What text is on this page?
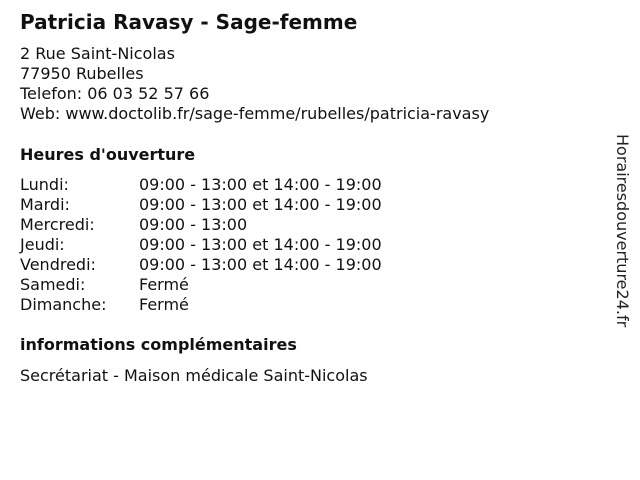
Patricia Ravasy - Sage-femme
2 Rue Saint-Nicolas
77950 Rubelles
Telefon: 06 03 52 57 66
Web: www.doctolib.fr/sage-femme/rubelles/patricia-ravasy
Heures d'ouverture
Lundi:	09:00 - 13:00 et 14:00 - 19:00
Mardi:	09:00 - 13:00 et 14:00 - 19:00
Mercredi:	09:00 - 13:00
Jeudi:	09:00 - 13:00 et 14:00 - 19:00
Vendredi:	09:00 - 13:00 et 14:00 - 19:00
Samedi:	Fermé
Dimanche:	Fermé
informations complémentaires
Secrétariat - Maison médicale Saint-Nicolas
Horairesdouverture24.fr
